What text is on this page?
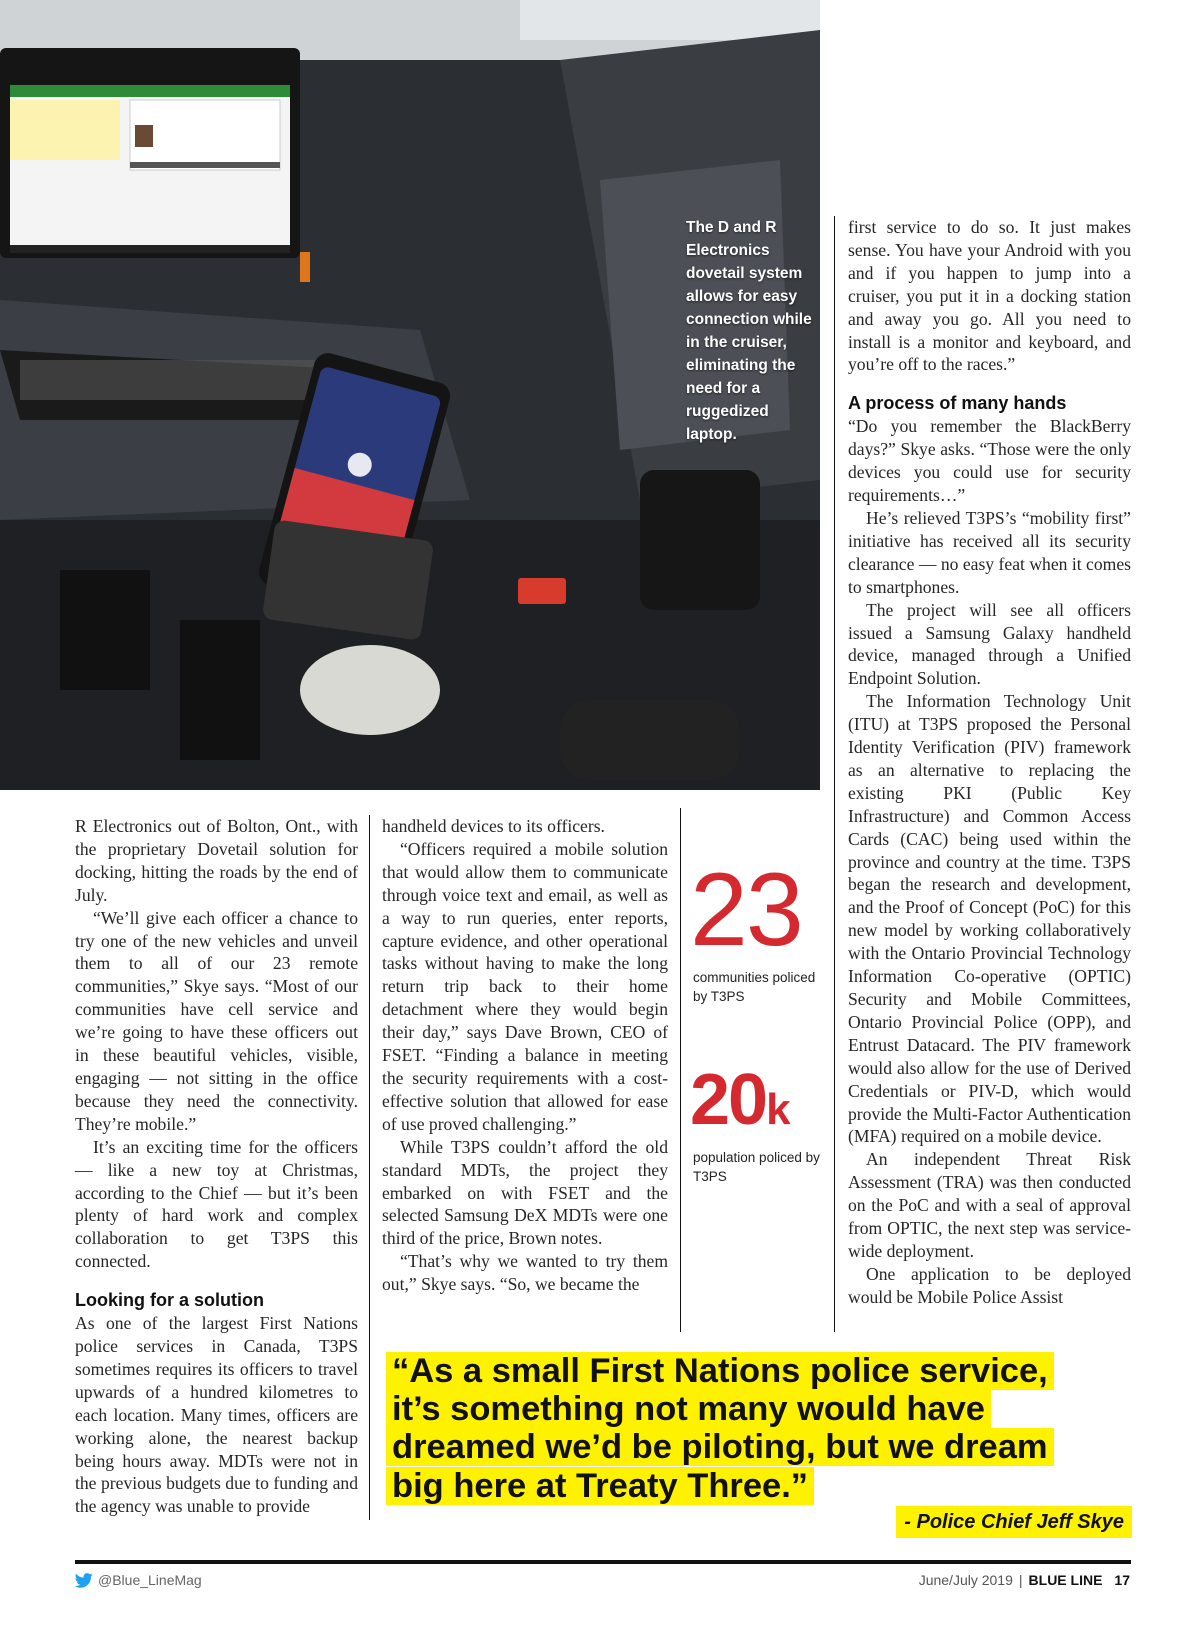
The D and R Electronics dovetail system allows for easy connection while in the cruiser, eliminating the need for a ruggedized laptop.

R Electronics out of Bolton, Ont., with the proprietary Dovetail solution for docking, hitting the roads by the end of July.

“We’ll give each officer a chance to try one of the new vehicles and unveil them to all of our 23 remote communities,” Skye says. “Most of our communities have cell service and we’re going to have these officers out in these beautiful vehicles, visible, engaging — not sitting in the office because they need the connectivity. They’re mobile.”

It’s an exciting time for the officers — like a new toy at Christmas, according to the Chief — but it’s been plenty of hard work and complex collaboration to get T3PS this connected.

Looking for a solution

As one of the largest First Nations police services in Canada, T3PS sometimes requires its officers to travel upwards of a hundred kilometres to each location. Many times, officers are working alone, the nearest backup being hours away. MDTs were not in the previous budgets due to funding and the agency was unable to provide

handheld devices to its officers.

“Officers required a mobile solution that would allow them to communicate through voice text and email, as well as a way to run queries, enter reports, capture evidence, and other operational tasks without having to make the long return trip back to their home detachment where they would begin their day,” says Dave Brown, CEO of FSET. “Finding a balance in meeting the security requirements with a cost-effective solution that allowed for ease of use proved challenging.”

While T3PS couldn’t afford the old standard MDTs, the project they embarked on with FSET and the selected Samsung DeX MDTs were one third of the price, Brown notes.

“That’s why we wanted to try them out,” Skye says. “So, we became the

23
communities policed by T3PS
20k
population policed by T3PS

first service to do so. It just makes sense. You have your Android with you and if you happen to jump into a cruiser, you put it in a docking station and away you go. All you need to install is a monitor and keyboard, and you’re off to the races.”

A process of many hands

“Do you remember the BlackBerry days?” Skye asks. “Those were the only devices you could use for security requirements…”

He’s relieved T3PS’s “mobility first” initiative has received all its security clearance — no easy feat when it comes to smartphones.

The project will see all officers issued a Samsung Galaxy handheld device, managed through a Unified Endpoint Solution.

The Information Technology Unit (ITU) at T3PS proposed the Personal Identity Verification (PIV) framework as an alternative to replacing the existing PKI (Public Key Infrastructure) and Common Access Cards (CAC) being used within the province and country at the time. T3PS began the research and development, and the Proof of Concept (PoC) for this new model by working collaboratively with the Ontario Provincial Technology Information Co-operative (OPTIC) Security and Mobile Committees, Ontario Provincial Police (OPP), and Entrust Datacard. The PIV framework would also allow for the use of Derived Credentials or PIV-D, which would provide the Multi-Factor Authentication (MFA) required on a mobile device.

An independent Threat Risk Assessment (TRA) was then conducted on the PoC and with a seal of approval from OPTIC, the next step was service-wide deployment.

One application to be deployed would be Mobile Police Assist

“As a small First Nations police service,
it’s something not many would have
dreamed we’d be piloting, but we dream
big here at Treaty Three.”
- Police Chief Jeff Skye
@Blue_LineMag	June/July 2019 | BLUE LINE 17
